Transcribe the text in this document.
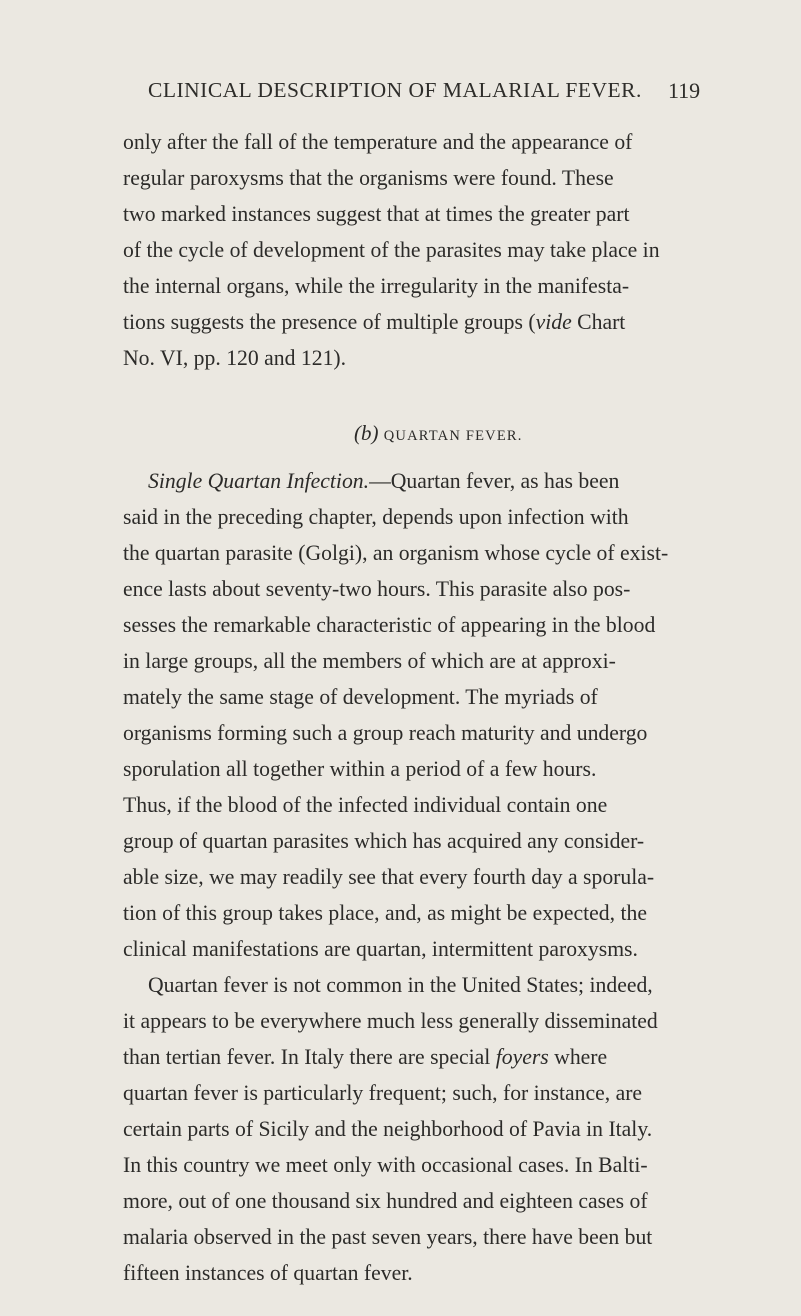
CLINICAL DESCRIPTION OF MALARIAL FEVER. 119
only after the fall of the temperature and the appearance of
regular paroxysms that the organisms were found. These
two marked instances suggest that at times the greater part
of the cycle of development of the parasites may take place in
the internal organs, while the irregularity in the manifesta-
tions suggests the presence of multiple groups (vide Chart
No. VI, pp. 120 and 121).
(b) QUARTAN FEVER.
Single Quartan Infection.—Quartan fever, as has been
said in the preceding chapter, depends upon infection with
the quartan parasite (Golgi), an organism whose cycle of exist-
ence lasts about seventy-two hours. This parasite also pos-
sesses the remarkable characteristic of appearing in the blood
in large groups, all the members of which are at approxi-
mately the same stage of development. The myriads of
organisms forming such a group reach maturity and undergo
sporulation all together within a period of a few hours.
Thus, if the blood of the infected individual contain one
group of quartan parasites which has acquired any consider-
able size, we may readily see that every fourth day a sporula-
tion of this group takes place, and, as might be expected, the
clinical manifestations are quartan, intermittent paroxysms.
Quartan fever is not common in the United States; indeed,
it appears to be everywhere much less generally disseminated
than tertian fever. In Italy there are special foyers where
quartan fever is particularly frequent; such, for instance, are
certain parts of Sicily and the neighborhood of Pavia in Italy.
In this country we meet only with occasional cases. In Balti-
more, out of one thousand six hundred and eighteen cases of
malaria observed in the past seven years, there have been but
fifteen instances of quartan fever.
